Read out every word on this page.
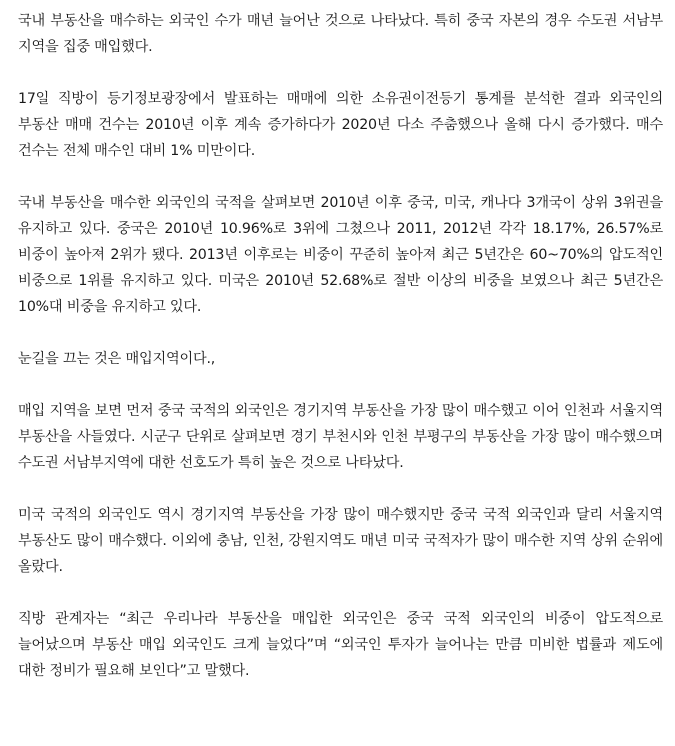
국내 부동산을 매수하는 외국인 수가 매년 늘어난 것으로 나타났다. 특히 중국 자본의 경우 수도권 서남부 지역을 집중 매입했다.

17일 직방이 등기정보광장에서 발표하는 매매에 의한 소유권이전등기 통계를 분석한 결과 외국인의 부동산 매매 건수는 2010년 이후 계속 증가하다가 2020년 다소 주춤했으나 올해 다시 증가했다. 매수 건수는 전체 매수인 대비 1% 미만이다.

국내 부동산을 매수한 외국인의 국적을 살펴보면 2010년 이후 중국, 미국, 캐나다 3개국이 상위 3위권을 유지하고 있다. 중국은 2010년 10.96%로 3위에 그쳤으나 2011, 2012년 각각 18.17%, 26.57%로 비중이 높아져 2위가 됐다. 2013년 이후로는 비중이 꾸준히 높아져 최근 5년간은 60~70%의 압도적인 비중으로 1위를 유지하고 있다. 미국은 2010년 52.68%로 절반 이상의 비중을 보였으나 최근 5년간은 10%대 비중을 유지하고 있다.

눈길을 끄는 것은 매입지역이다.,

매입 지역을 보면 먼저 중국 국적의 외국인은 경기지역 부동산을 가장 많이 매수했고 이어 인천과 서울지역 부동산을 사들였다. 시군구 단위로 살펴보면 경기 부천시와 인천 부평구의 부동산을 가장 많이 매수했으며 수도권 서남부지역에 대한 선호도가 특히 높은 것으로 나타났다.

미국 국적의 외국인도 역시 경기지역 부동산을 가장 많이 매수했지만 중국 국적 외국인과 달리 서울지역 부동산도 많이 매수했다. 이외에 충남, 인천, 강원지역도 매년 미국 국적자가 많이 매수한 지역 상위 순위에 올랐다.

직방 관계자는 “최근 우리나라 부동산을 매입한 외국인은 중국 국적 외국인의 비중이 압도적으로 늘어났으며 부동산 매입 외국인도 크게 늘었다”며 “외국인 투자가 늘어나는 만큼 미비한 법률과 제도에 대한 정비가 필요해 보인다”고 말했다.
